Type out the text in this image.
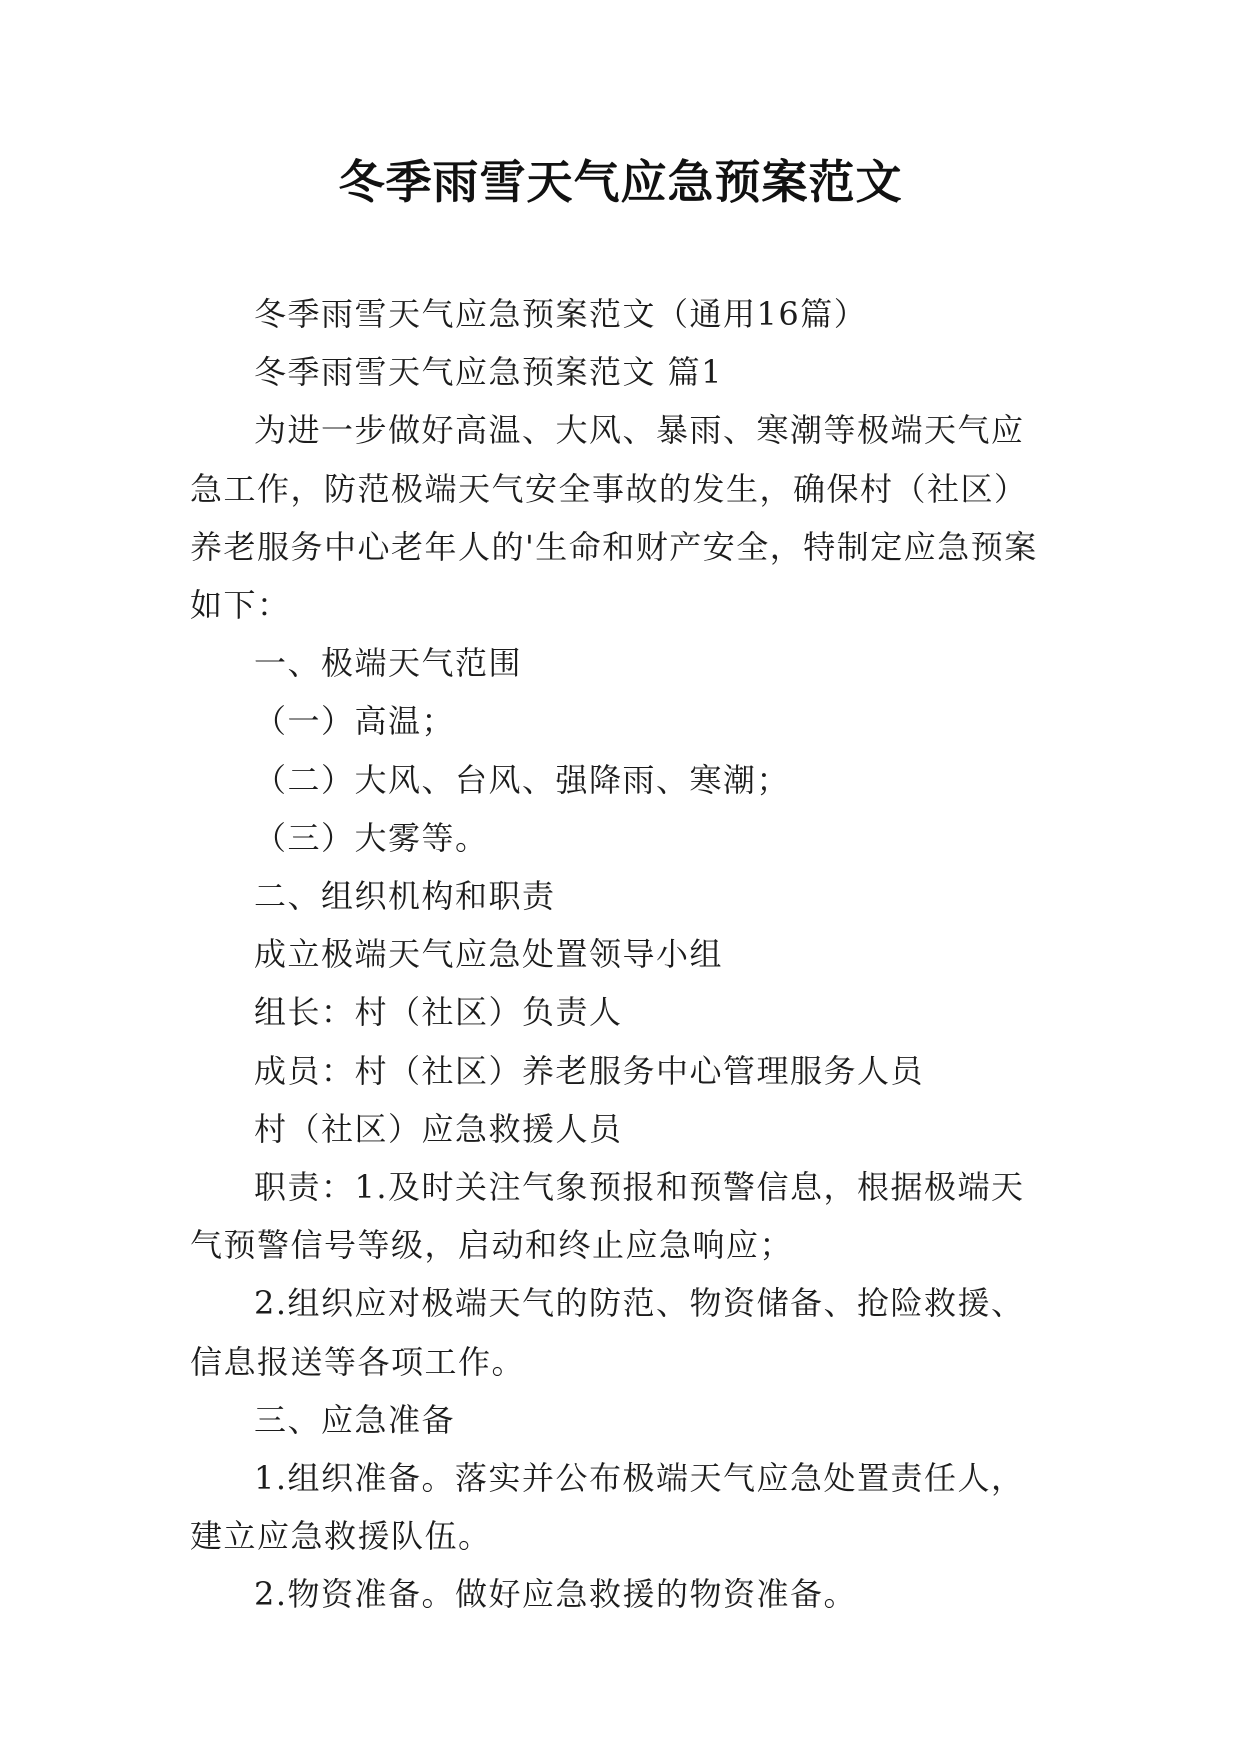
冬季雨雪天气应急预案范文

冬季雨雪天气应急预案范文（通用16篇）

冬季雨雪天气应急预案范文 篇1

为进一步做好高温、大风、暴雨、寒潮等极端天气应急工作，防范极端天气安全事故的发生，确保村（社区）养老服务中心老年人的'生命和财产安全，特制定应急预案如下：

一、极端天气范围

（一）高温；

（二）大风、台风、强降雨、寒潮；

（三）大雾等。

二、组织机构和职责

成立极端天气应急处置领导小组

组长：村（社区）负责人

成员：村（社区）养老服务中心管理服务人员

村（社区）应急救援人员

职责：1.及时关注气象预报和预警信息，根据极端天气预警信号等级，启动和终止应急响应；

2.组织应对极端天气的防范、物资储备、抢险救援、信息报送等各项工作。

三、应急准备

1.组织准备。落实并公布极端天气应急处置责任人，建立应急救援队伍。

2.物资准备。做好应急救援的物资准备。
